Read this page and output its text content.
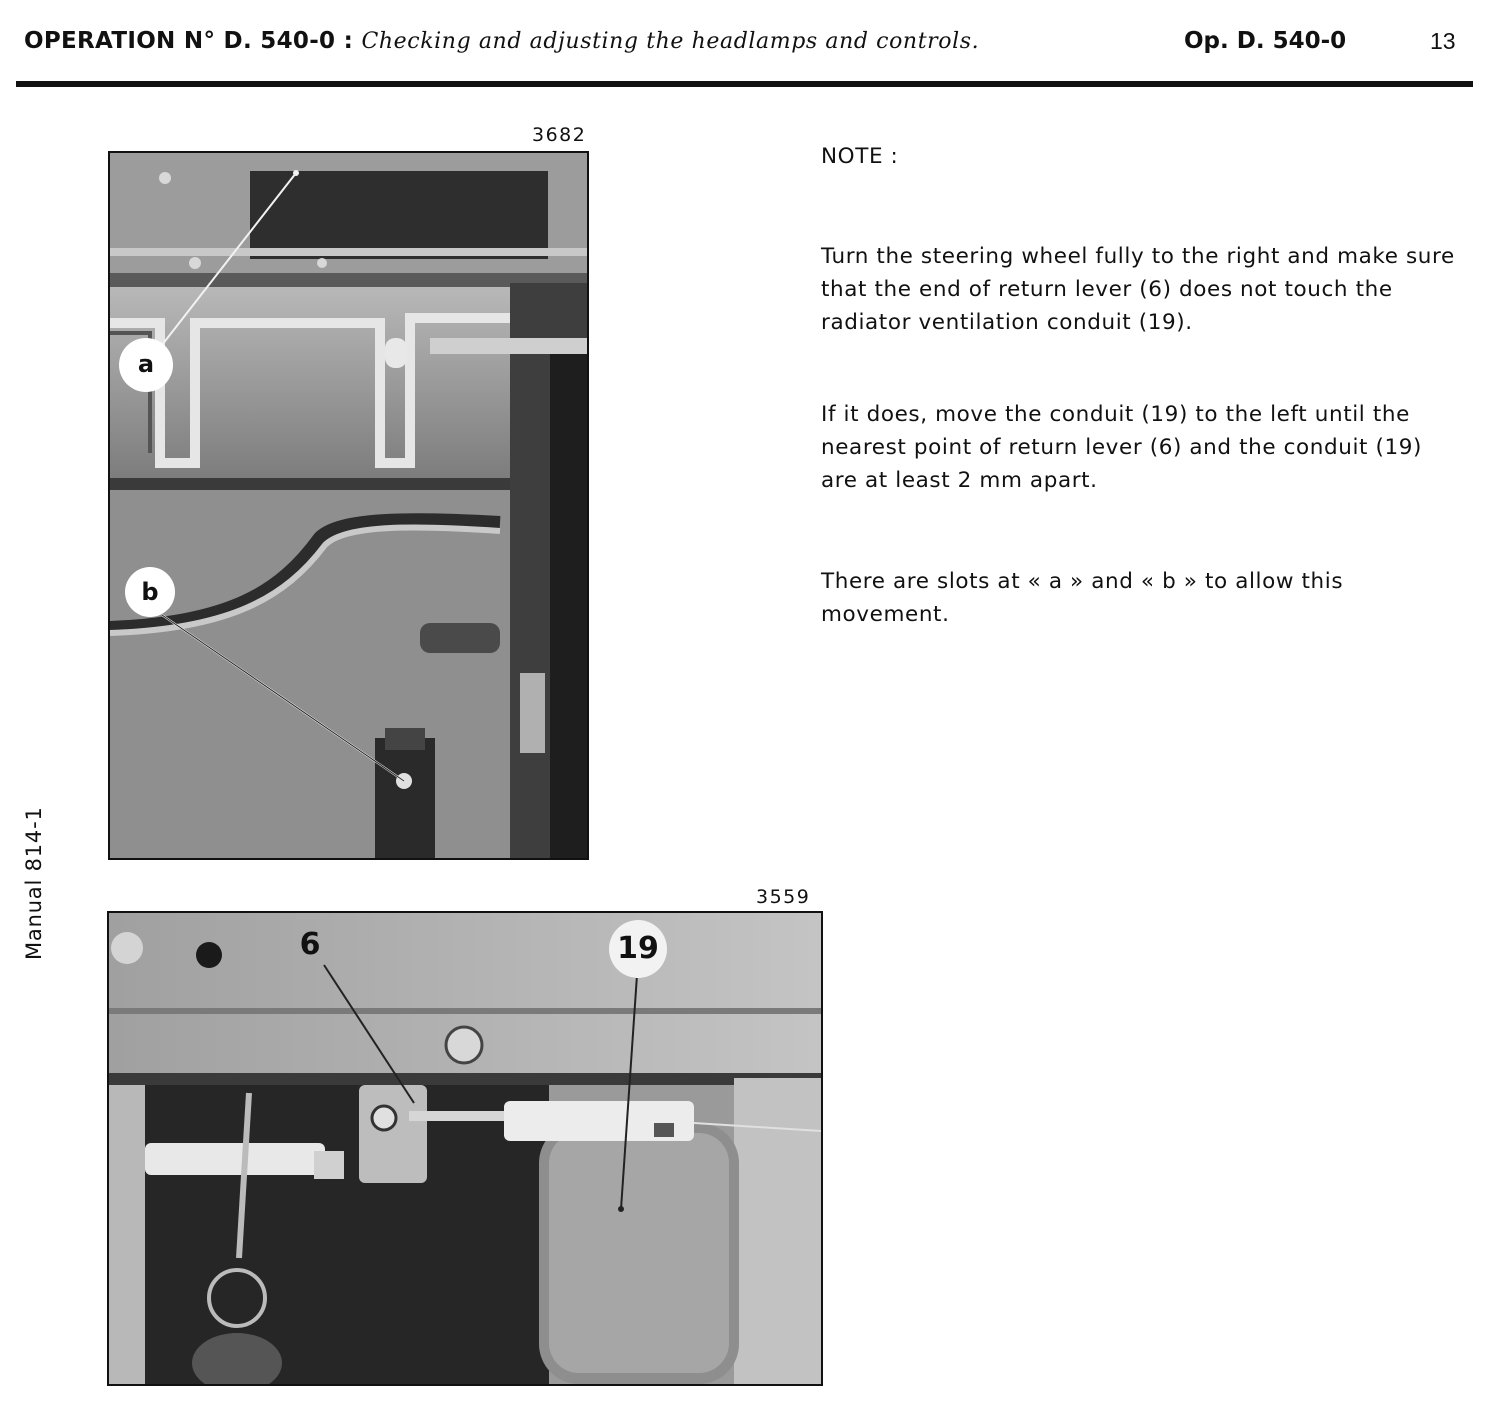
OPERATION N° D. 540-0 : Checking and adjusting the headlamps and controls.	Op. D. 540-0	13
Manual 814-1
3682
a
b
3559
6	19

NOTE :

Turn the steering wheel fully to the right and make sure that the end of return lever (6) does not touch the radiator ventilation conduit (19).

If it does, move the conduit (19) to the left until the nearest point of return lever (6) and the conduit (19) are at least 2 mm apart.

There are slots at « a » and « b » to allow this movement.
